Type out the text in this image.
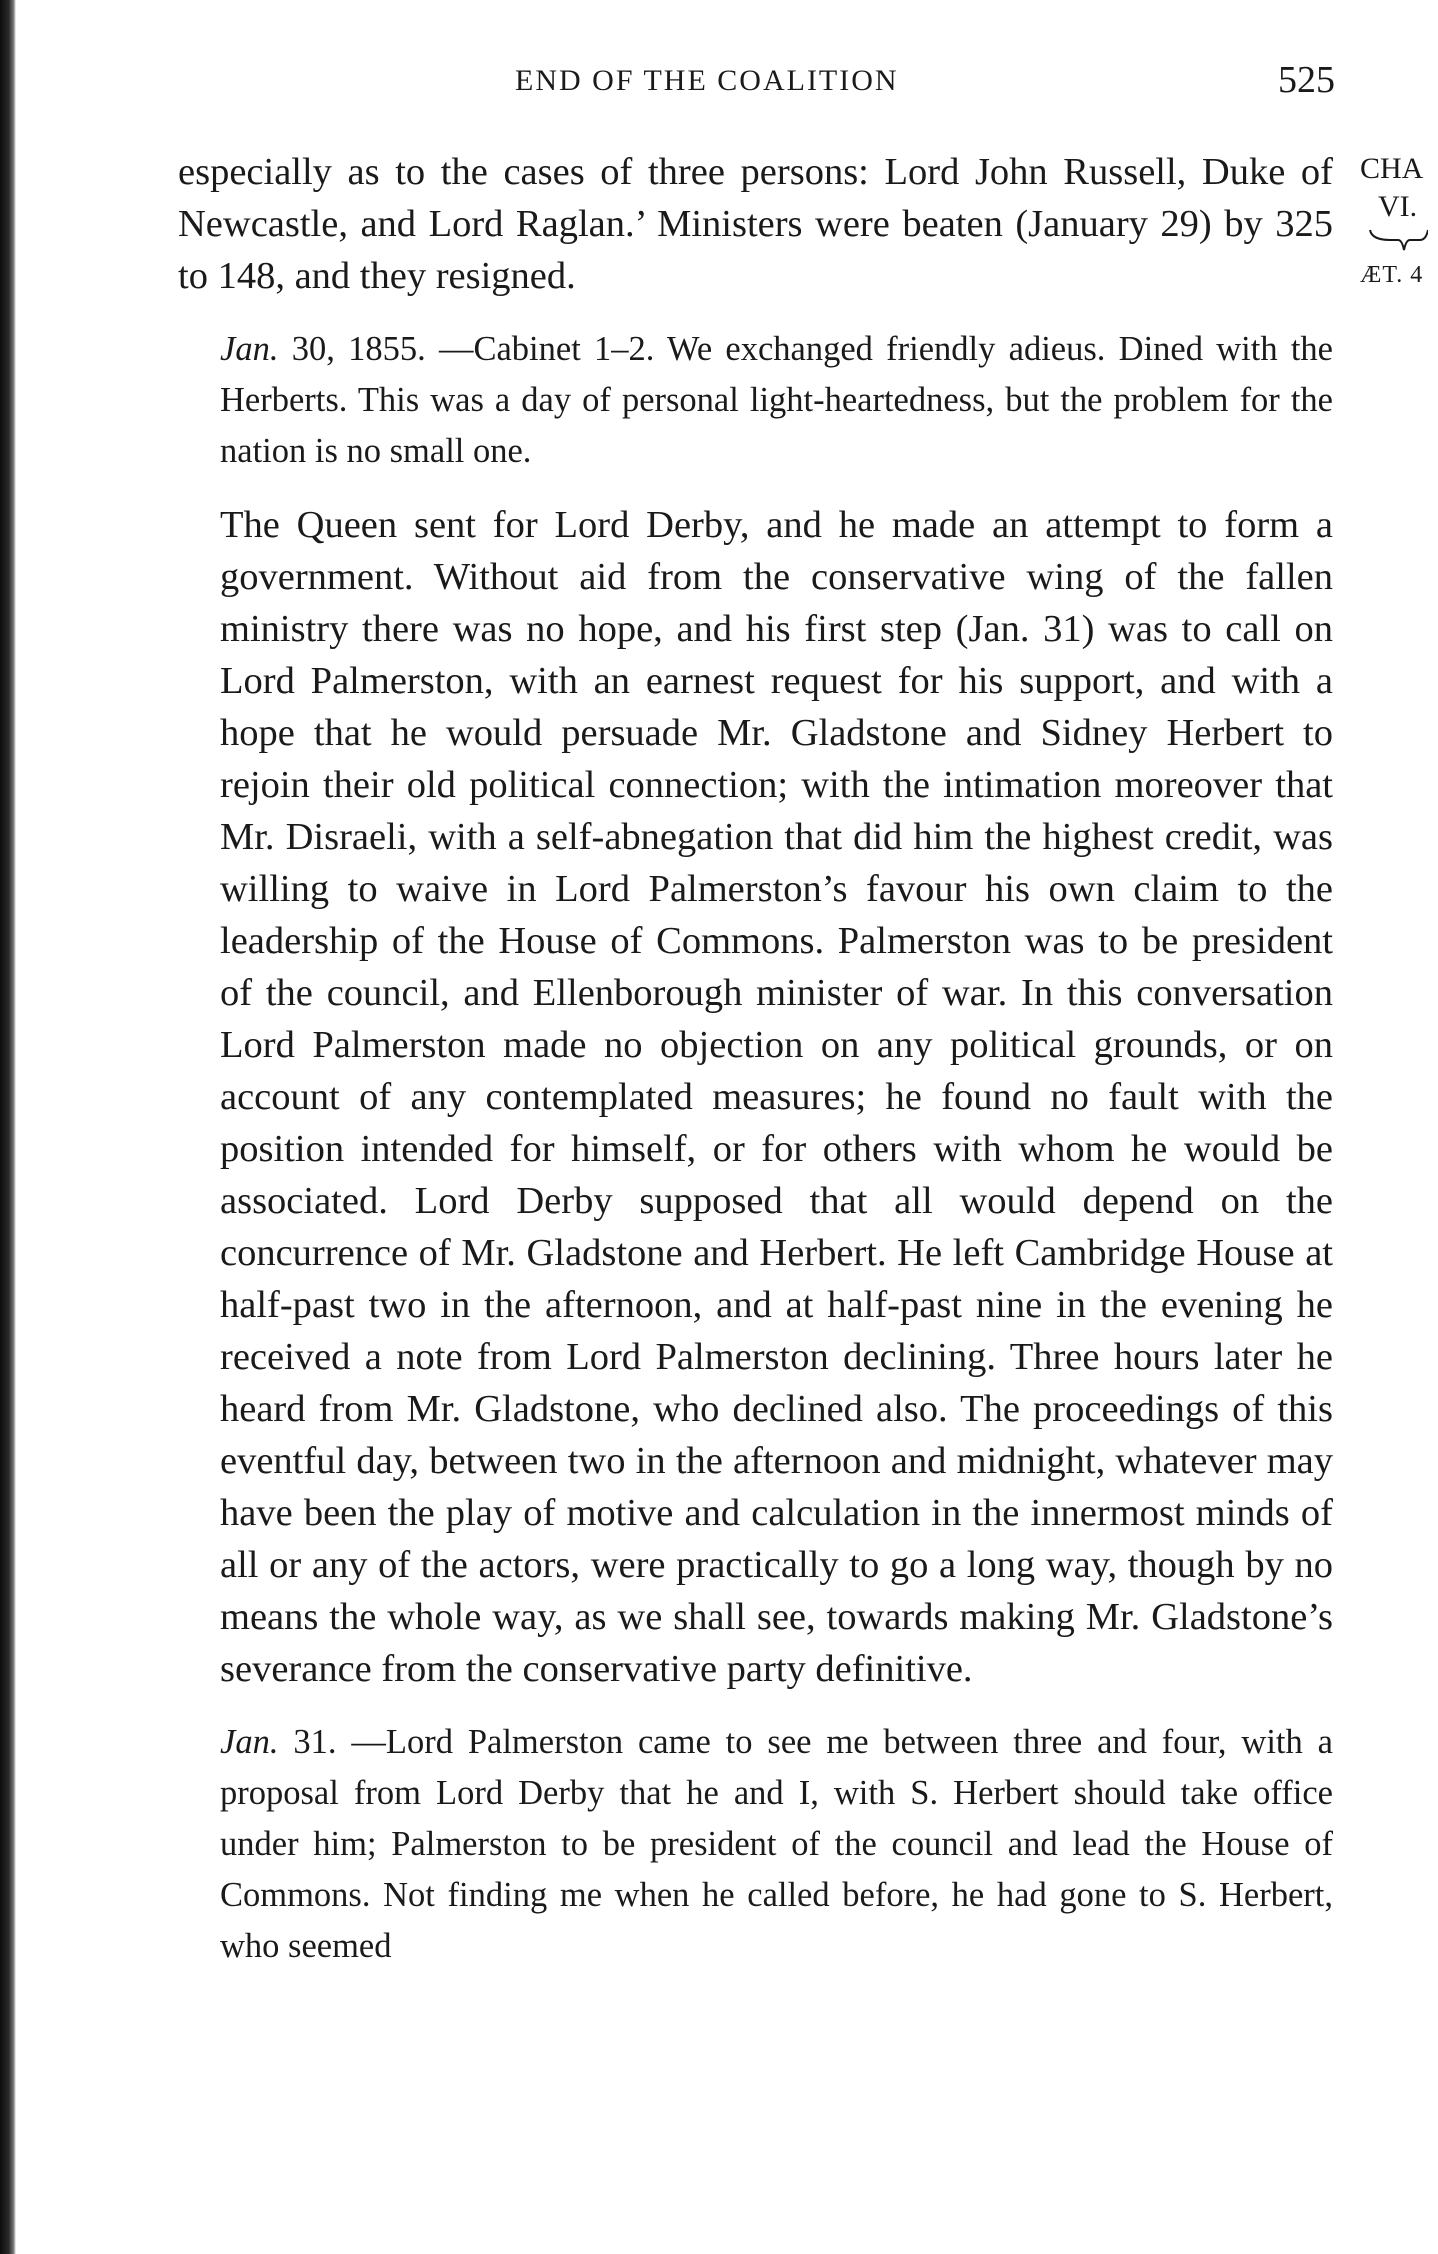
END OF THE COALITION	525
CHA
VI.
ÆT. 4

especially as to the cases of three persons: Lord John Russell, Duke of Newcastle, and Lord Raglan.’ Ministers were beaten (January 29) by 325 to 148, and they resigned.

Jan. 30, 1855. —Cabinet 1–2. We exchanged friendly adieus. Dined with the Herberts. This was a day of personal light-heartedness, but the problem for the nation is no small one.

The Queen sent for Lord Derby, and he made an attempt to form a government. Without aid from the conservative wing of the fallen ministry there was no hope, and his first step (Jan. 31) was to call on Lord Palmerston, with an earnest request for his support, and with a hope that he would persuade Mr. Gladstone and Sidney Herbert to rejoin their old political connection; with the intimation moreover that Mr. Disraeli, with a self-abnegation that did him the highest credit, was willing to waive in Lord Palmerston’s favour his own claim to the leadership of the House of Commons. Palmerston was to be president of the council, and Ellenborough minister of war. In this conversation Lord Palmerston made no objection on any political grounds, or on account of any contemplated measures; he found no fault with the position intended for himself, or for others with whom he would be associated. Lord Derby supposed that all would depend on the concurrence of Mr. Gladstone and Herbert. He left Cambridge House at half-past two in the afternoon, and at half-past nine in the evening he received a note from Lord Palmerston declining. Three hours later he heard from Mr. Gladstone, who declined also. The proceedings of this eventful day, between two in the afternoon and midnight, whatever may have been the play of motive and calculation in the innermost minds of all or any of the actors, were practically to go a long way, though by no means the whole way, as we shall see, towards making Mr. Gladstone’s severance from the conservative party definitive.

Jan. 31. —Lord Palmerston came to see me between three and four, with a proposal from Lord Derby that he and I, with S. Herbert should take office under him; Palmerston to be president of the council and lead the House of Commons. Not finding me when he called before, he had gone to S. Herbert, who seemed
